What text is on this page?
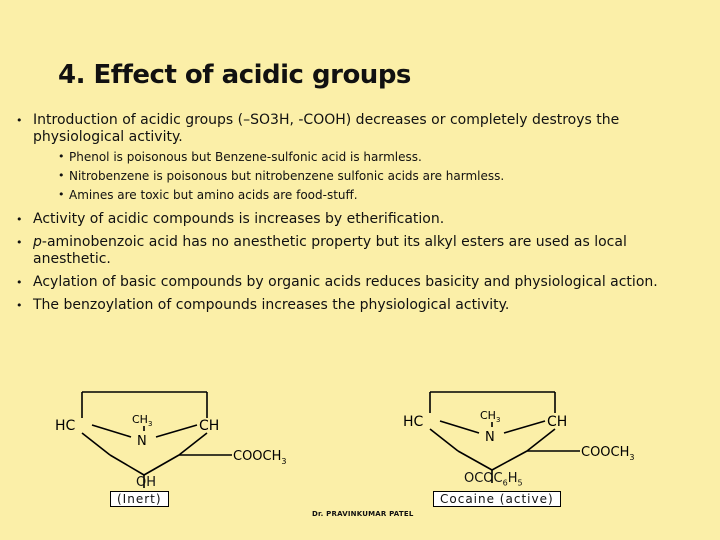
4. Effect of acidic groups
• Introduction of acidic groups (–SO3H, -COOH) decreases or completely destroys the physiological activity.
• Phenol is poisonous but Benzene-sulfonic acid is harmless.
• Nitrobenzene is poisonous but nitrobenzene sulfonic acids are harmless.
• Amines are toxic but amino acids are food-stuff.
• Activity of acidic compounds is increases by etherification.
• p-aminobenzoic acid has no anesthetic property but its alkyl esters are used as local anesthetic.
• Acylation of basic compounds by organic acids reduces basicity and physiological action.
• The benzoylation of compounds increases the physiological activity.
HC	CH
$CH_3$
N
$COOCH_3$
OH
(Inert)
HC	CH
$CH_3$
N
$COOCH_3$
$OCOC_6H_5$
Cocaine (active)
Dr. PRAVINKUMAR PATEL
